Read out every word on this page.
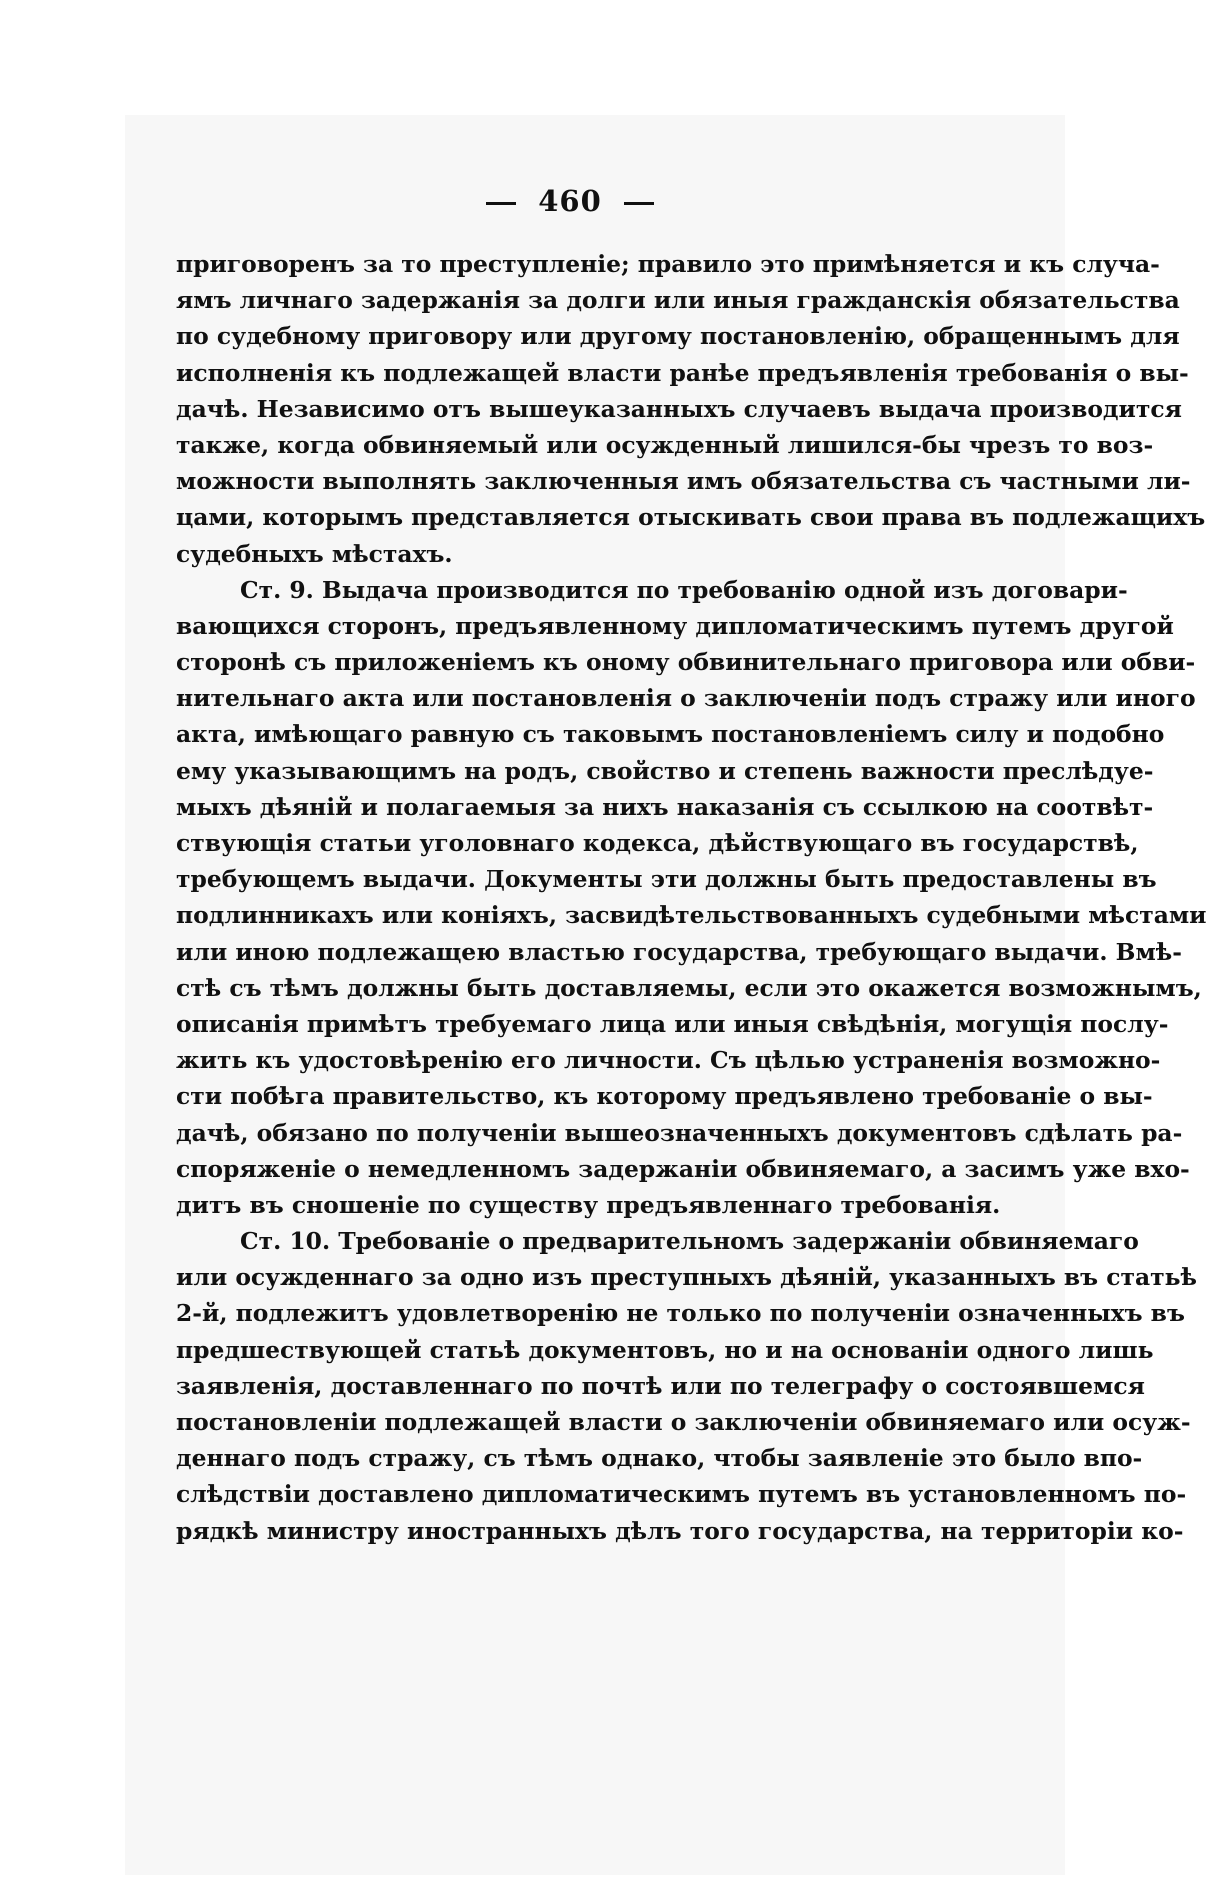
460
приговоренъ за то преступленіе; правило это примѣняется и къ случа-
ямъ личнаго задержанія за долги или иныя гражданскія обязательства
по судебному приговору или другому постановленію, обращеннымъ для
исполненія къ подлежащей власти ранѣе предъявленія требованія о вы-
дачѣ. Независимо отъ вышеуказанныхъ случаевъ выдача производится
также, когда обвиняемый или осужденный лишился-бы чрезъ то воз-
можности выполнять заключенныя имъ обязательства съ частными ли-
цами, которымъ представляется отыскивать свои права въ подлежащихъ
судебныхъ мѣстахъ.
Ст. 9. Выдача производится по требованію одной изъ договари-
вающихся сторонъ, предъявленному дипломатическимъ путемъ другой
сторонѣ съ приложеніемъ къ оному обвинительнаго приговора или обви-
нительнаго акта или постановленія о заключеніи подъ стражу или иного
акта, имѣющаго равную съ таковымъ постановленіемъ силу и подобно
ему указывающимъ на родъ, свойство и степень важности преслѣдуе-
мыхъ дѣяній и полагаемыя за нихъ наказанія съ ссылкою на соотвѣт-
ствующія статьи уголовнаго кодекса, дѣйствующаго въ государствѣ,
требующемъ выдачи. Документы эти должны быть предоставлены въ
подлинникахъ или коніяхъ, засвидѣтельствованныхъ судебными мѣстами
или иною подлежащею властью государства, требующаго выдачи. Вмѣ-
стѣ съ тѣмъ должны быть доставляемы, если это окажется возможнымъ,
описанія примѣтъ требуемаго лица или иныя свѣдѣнія, могущія послу-
жить къ удостовѣренію его личности. Съ цѣлью устраненія возможно-
сти побѣга правительство, къ которому предъявлено требованіе о вы-
дачѣ, обязано по полученіи вышеозначенныхъ документовъ сдѣлать ра-
споряженіе о немедленномъ задержаніи обвиняемаго, а засимъ уже вхо-
дитъ въ сношеніе по существу предъявленнаго требованія.
Ст. 10. Требованіе о предварительномъ задержаніи обвиняемаго
или осужденнаго за одно изъ преступныхъ дѣяній, указанныхъ въ статьѣ
2-й, подлежитъ удовлетворенію не только по полученіи означенныхъ въ
предшествующей статьѣ документовъ, но и на основаніи одного лишь
заявленія, доставленнаго по почтѣ или по телеграфу о состоявшемся
постановленіи подлежащей власти о заключеніи обвиняемаго или осуж-
деннаго подъ стражу, съ тѣмъ однако, чтобы заявленіе это было впо-
слѣдствіи доставлено дипломатическимъ путемъ въ установленномъ по-
рядкѣ министру иностранныхъ дѣлъ того государства, на территоріи ко-
